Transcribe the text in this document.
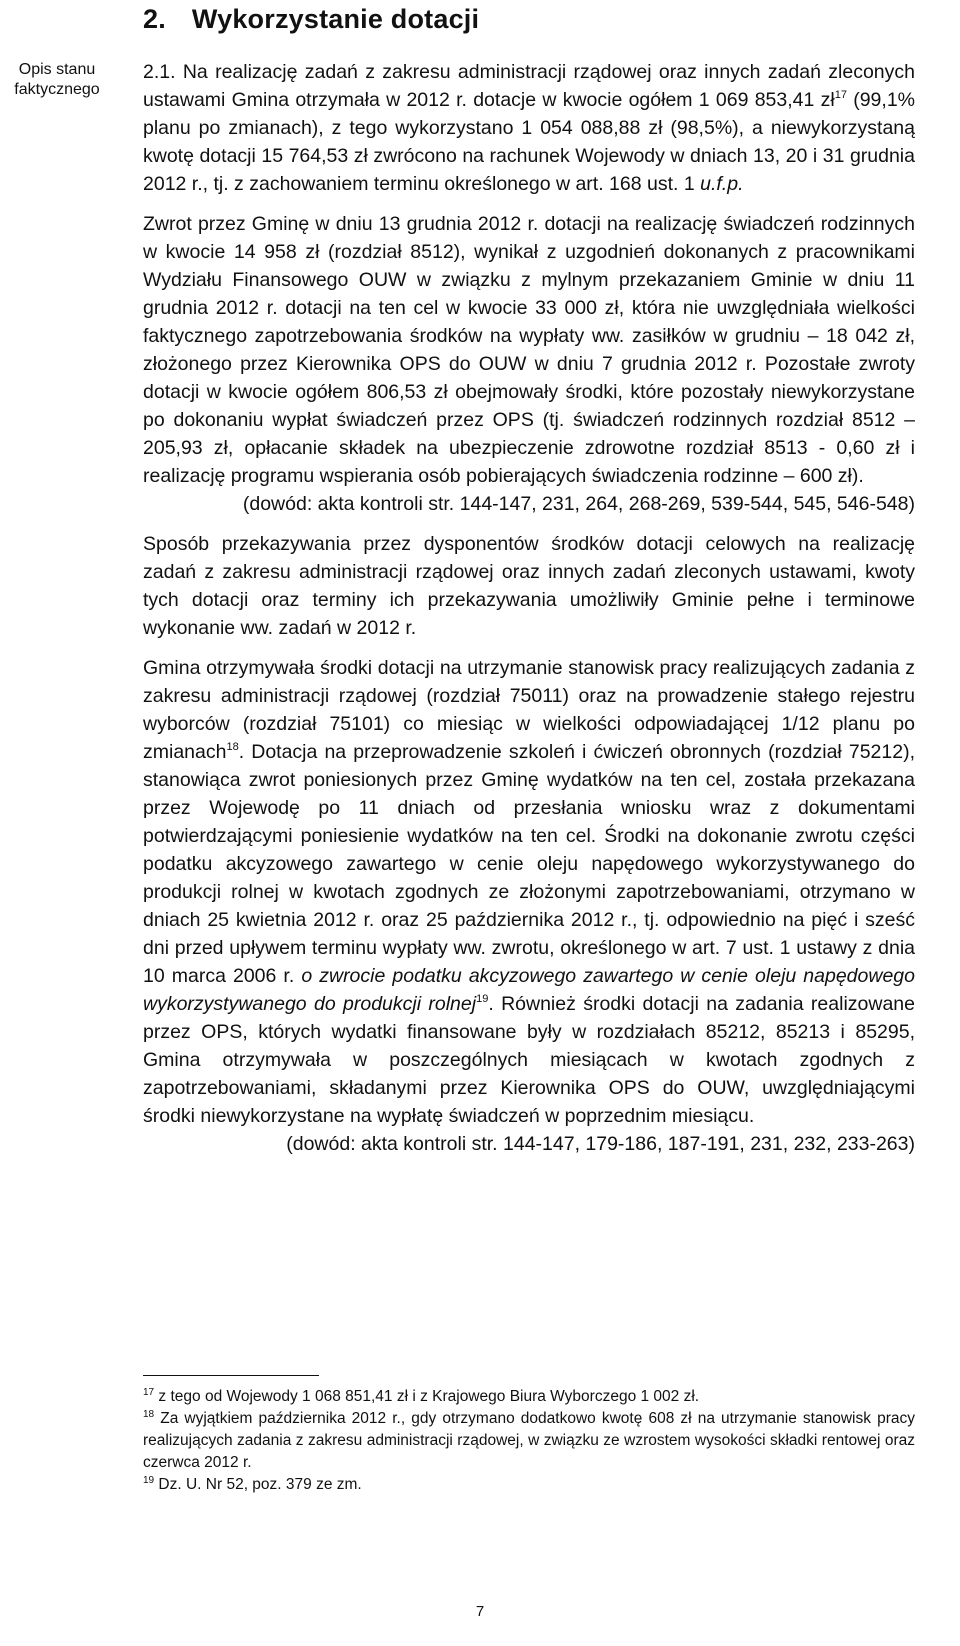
2. Wykorzystanie dotacji
Opis stanu
faktycznego

2.1. Na realizację zadań z zakresu administracji rządowej oraz innych zadań zleconych ustawami Gmina otrzymała w 2012 r. dotacje w kwocie ogółem 1 069 853,41 $zł^{17}$ (99,1% planu po zmianach), z tego wykorzystano 1 054 088,88 zł (98,5%), a niewykorzystaną kwotę dotacji 15 764,53 zł zwrócono na rachunek Wojewody w dniach 13, 20 i 31 grudnia 2012 r., tj. z zachowaniem terminu określonego w art. 168 ust. 1 u.f.p.

Zwrot przez Gminę w dniu 13 grudnia 2012 r. dotacji na realizację świadczeń rodzinnych w kwocie 14 958 zł (rozdział 8512), wynikał z uzgodnień dokonanych z pracownikami Wydziału Finansowego OUW w związku z mylnym przekazaniem Gminie w dniu 11 grudnia 2012 r. dotacji na ten cel w kwocie 33 000 zł, która nie uwzględniała wielkości faktycznego zapotrzebowania środków na wypłaty ww. zasiłków w grudniu – 18 042 zł, złożonego przez Kierownika OPS do OUW w dniu 7 grudnia 2012 r. Pozostałe zwroty dotacji w kwocie ogółem 806,53 zł obejmowały środki, które pozostały niewykorzystane po dokonaniu wypłat świadczeń przez OPS (tj. świadczeń rodzinnych rozdział 8512 – 205,93 zł, opłacanie składek na ubezpieczenie zdrowotne rozdział 8513 - 0,60 zł i realizację programu wspierania osób pobierających świadczenia rodzinne – 600 zł).

(dowód: akta kontroli str. 144-147, 231, 264, 268-269, 539-544, 545, 546-548)

Sposób przekazywania przez dysponentów środków dotacji celowych na realizację zadań z zakresu administracji rządowej oraz innych zadań zleconych ustawami, kwoty tych dotacji oraz terminy ich przekazywania umożliwiły Gminie pełne i terminowe wykonanie ww. zadań w 2012 r.

Gmina otrzymywała środki dotacji na utrzymanie stanowisk pracy realizujących zadania z zakresu administracji rządowej (rozdział 75011) oraz na prowadzenie stałego rejestru wyborców (rozdział 75101) co miesiąc w wielkości odpowiadającej 1/12 planu po zmianach$^{18}$. Dotacja na przeprowadzenie szkoleń i ćwiczeń obronnych (rozdział 75212), stanowiąca zwrot poniesionych przez Gminę wydatków na ten cel, została przekazana przez Wojewodę po 11 dniach od przesłania wniosku wraz z dokumentami potwierdzającymi poniesienie wydatków na ten cel. Środki na dokonanie zwrotu części podatku akcyzowego zawartego w cenie oleju napędowego wykorzystywanego do produkcji rolnej w kwotach zgodnych ze złożonymi zapotrzebowaniami, otrzymano w dniach 25 kwietnia 2012 r. oraz 25 października 2012 r., tj. odpowiednio na pięć i sześć dni przed upływem terminu wypłaty ww. zwrotu, określonego w art. 7 ust. 1 ustawy z dnia 10 marca 2006 r. o zwrocie podatku akcyzowego zawartego w cenie oleju napędowego wykorzystywanego do produkcji rolnej$^{19}$. Również środki dotacji na zadania realizowane przez OPS, których wydatki finansowane były w rozdziałach 85212, 85213 i 85295, Gmina otrzymywała w poszczególnych miesiącach w kwotach zgodnych z zapotrzebowaniami, składanymi przez Kierownika OPS do OUW, uwzględniającymi środki niewykorzystane na wypłatę świadczeń w poprzednim miesiącu.

(dowód: akta kontroli str. 144-147, 179-186, 187-191, 231, 232, 233-263)

$^{17}$ z tego od Wojewody 1 068 851,41 zł i z Krajowego Biura Wyborczego 1 002 zł.

$^{18}$ Za wyjątkiem października 2012 r., gdy otrzymano dodatkowo kwotę 608 zł na utrzymanie stanowisk pracy realizujących zadania z zakresu administracji rządowej, w związku ze wzrostem wysokości składki rentowej oraz czerwca 2012 r.

$^{19}$ Dz. U. Nr 52, poz. 379 ze zm.

7
